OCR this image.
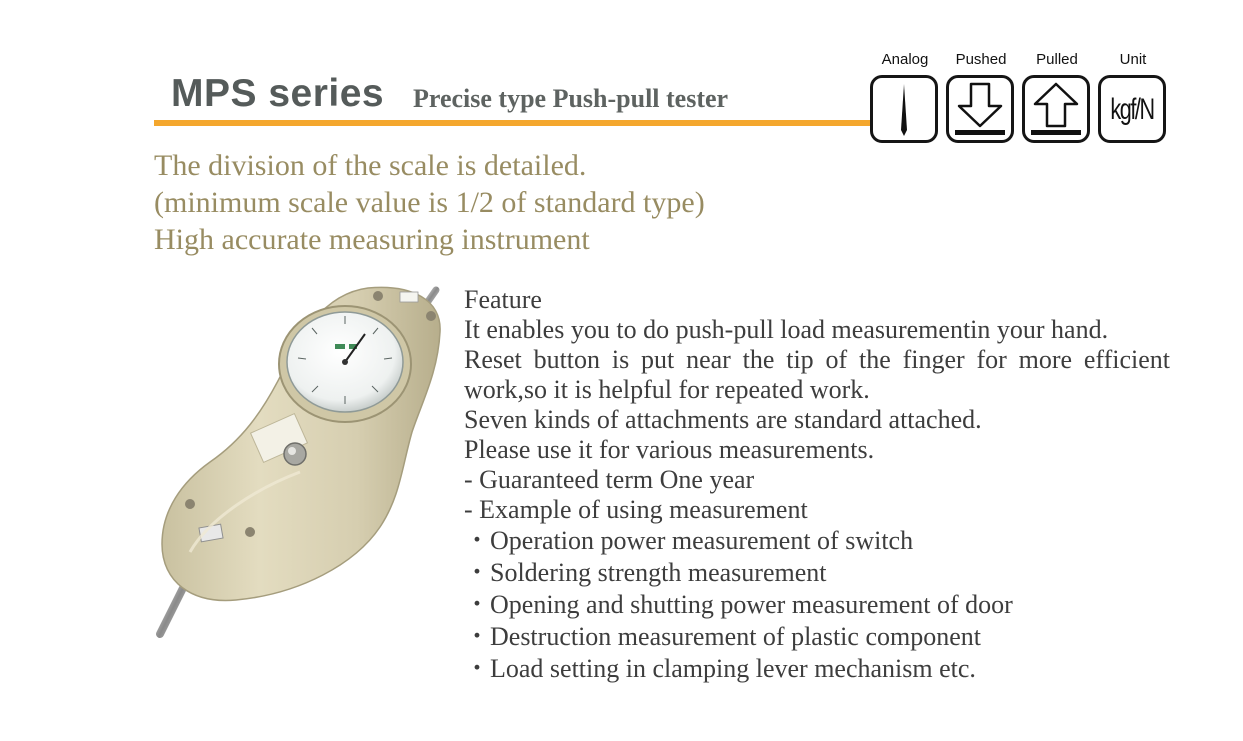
MPS series Precise type Push-pull tester
Analog	Pushed	Pulled	Unit
kgf/N
The division of the scale is detailed.
(minimum scale value is 1/2 of standard type)
High accurate measuring instrument
Feature
It enables you to do push-pull load measurementin your hand.
Reset button is put near the tip of the finger for more efficient work,so it is helpful for repeated work.
Seven kinds of attachments are standard attached.
Please use it for various measurements.
- Guaranteed term One year
- Example of using measurement
・Operation power measurement of switch
・Soldering strength measurement
・Opening and shutting power measurement of door
・Destruction measurement of plastic component
・Load setting in clamping lever mechanism etc.
